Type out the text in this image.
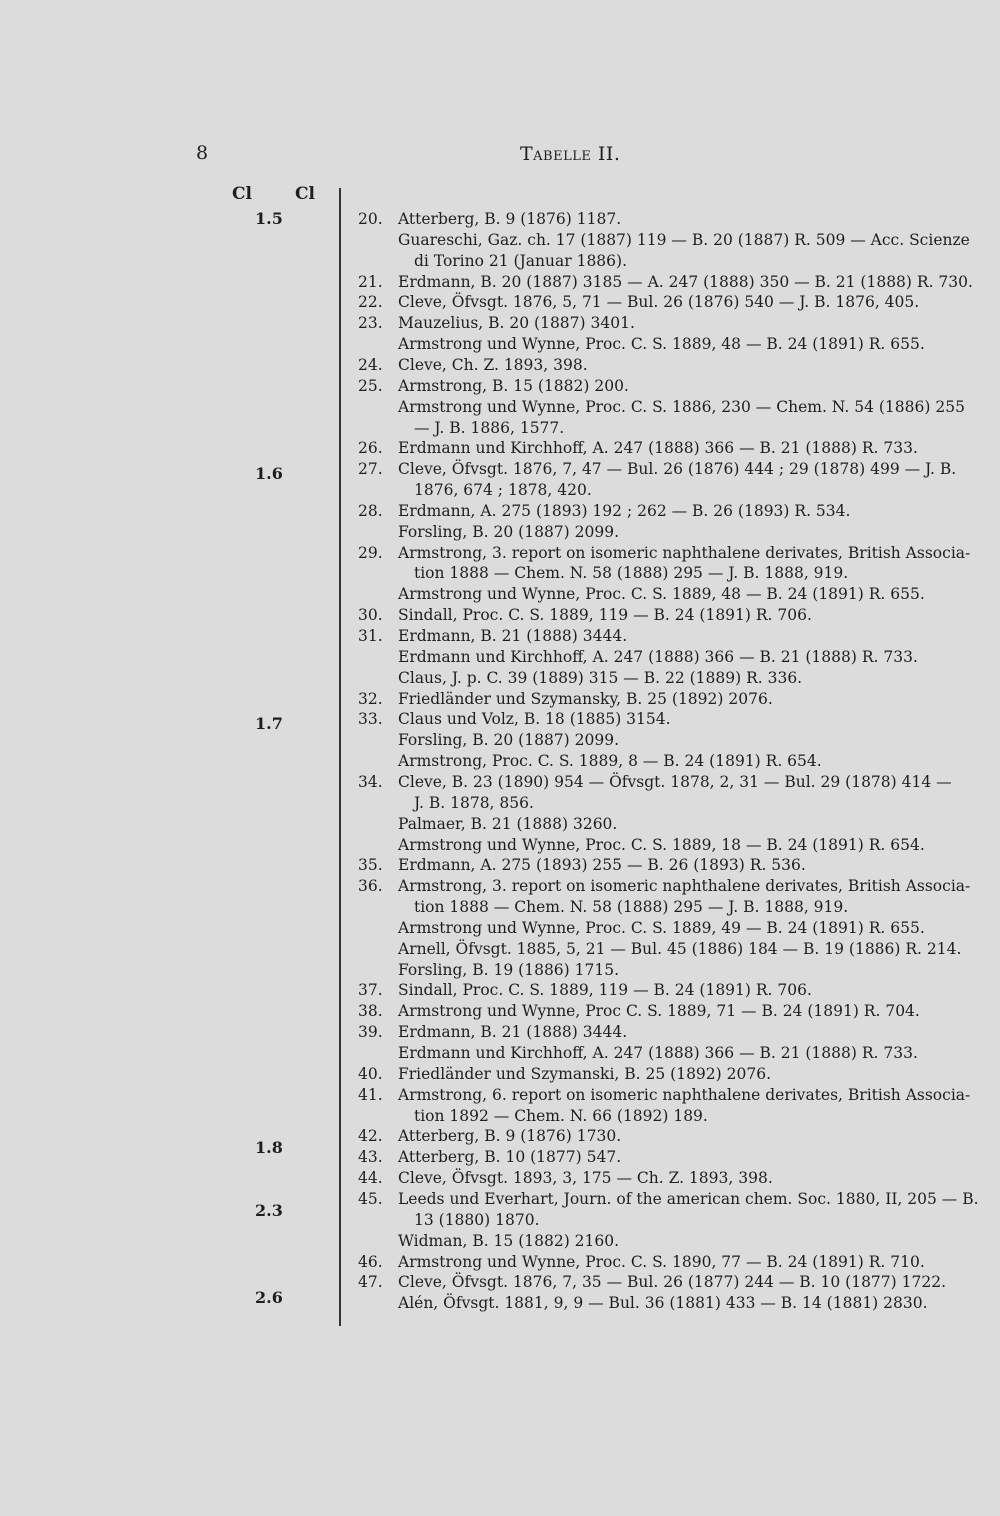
8	Tabelle II.
Cl	Cl
1.5
1.6
1.7
1.8
2.3
2.6
20. Atterberg, B. 9 (1876) 1187.
Guareschi, Gaz. ch. 17 (1887) 119 — B. 20 (1887) R. 509 — Acc. Scienze
di Torino 21 (Januar 1886).
21. Erdmann, B. 20 (1887) 3185 — A. 247 (1888) 350 — B. 21 (1888) R. 730.
22. Cleve, Öfvsgt. 1876, 5, 71 — Bul. 26 (1876) 540 — J. B. 1876, 405.
23. Mauzelius, B. 20 (1887) 3401.
Armstrong und Wynne, Proc. C. S. 1889, 48 — B. 24 (1891) R. 655.
24. Cleve, Ch. Z. 1893, 398.
25. Armstrong, B. 15 (1882) 200.
Armstrong und Wynne, Proc. C. S. 1886, 230 — Chem. N. 54 (1886) 255
— J. B. 1886, 1577.
26. Erdmann und Kirchhoff, A. 247 (1888) 366 — B. 21 (1888) R. 733.
27. Cleve, Öfvsgt. 1876, 7, 47 — Bul. 26 (1876) 444 ; 29 (1878) 499 — J. B.
1876, 674 ; 1878, 420.
28. Erdmann, A. 275 (1893) 192 ; 262 — B. 26 (1893) R. 534.
Forsling, B. 20 (1887) 2099.
29. Armstrong, 3. report on isomeric naphthalene derivates, British Associa-
tion 1888 — Chem. N. 58 (1888) 295 — J. B. 1888, 919.
Armstrong und Wynne, Proc. C. S. 1889, 48 — B. 24 (1891) R. 655.
30. Sindall, Proc. C. S. 1889, 119 — B. 24 (1891) R. 706.
31. Erdmann, B. 21 (1888) 3444.
Erdmann und Kirchhoff, A. 247 (1888) 366 — B. 21 (1888) R. 733.
Claus, J. p. C. 39 (1889) 315 — B. 22 (1889) R. 336.
32. Friedländer und Szymansky, B. 25 (1892) 2076.
33. Claus und Volz, B. 18 (1885) 3154.
Forsling, B. 20 (1887) 2099.
Armstrong, Proc. C. S. 1889, 8 — B. 24 (1891) R. 654.
34. Cleve, B. 23 (1890) 954 — Öfvsgt. 1878, 2, 31 — Bul. 29 (1878) 414 —
J. B. 1878, 856.
Palmaer, B. 21 (1888) 3260.
Armstrong und Wynne, Proc. C. S. 1889, 18 — B. 24 (1891) R. 654.
35. Erdmann, A. 275 (1893) 255 — B. 26 (1893) R. 536.
36. Armstrong, 3. report on isomeric naphthalene derivates, British Associa-
tion 1888 — Chem. N. 58 (1888) 295 — J. B. 1888, 919.
Armstrong und Wynne, Proc. C. S. 1889, 49 — B. 24 (1891) R. 655.
Arnell, Öfvsgt. 1885, 5, 21 — Bul. 45 (1886) 184 — B. 19 (1886) R. 214.
Forsling, B. 19 (1886) 1715.
37. Sindall, Proc. C. S. 1889, 119 — B. 24 (1891) R. 706.
38. Armstrong und Wynne, Proc C. S. 1889, 71 — B. 24 (1891) R. 704.
39. Erdmann, B. 21 (1888) 3444.
Erdmann und Kirchhoff, A. 247 (1888) 366 — B. 21 (1888) R. 733.
40. Friedländer und Szymanski, B. 25 (1892) 2076.
41. Armstrong, 6. report on isomeric naphthalene derivates, British Associa-
tion 1892 — Chem. N. 66 (1892) 189.
42. Atterberg, B. 9 (1876) 1730.
43. Atterberg, B. 10 (1877) 547.
44. Cleve, Öfvsgt. 1893, 3, 175 — Ch. Z. 1893, 398.
45. Leeds und Everhart, Journ. of the american chem. Soc. 1880, II, 205 — B.
13 (1880) 1870.
Widman, B. 15 (1882) 2160.
46. Armstrong und Wynne, Proc. C. S. 1890, 77 — B. 24 (1891) R. 710.
47. Cleve, Öfvsgt. 1876, 7, 35 — Bul. 26 (1877) 244 — B. 10 (1877) 1722.
Alén, Öfvsgt. 1881, 9, 9 — Bul. 36 (1881) 433 — B. 14 (1881) 2830.
